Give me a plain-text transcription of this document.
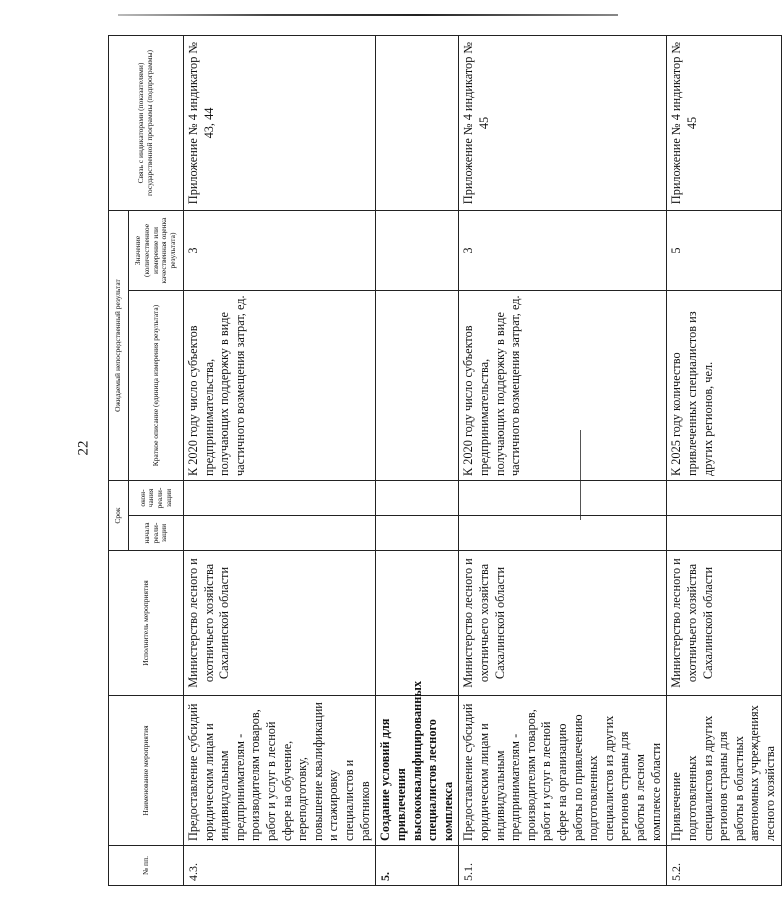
22
№ пп.	Наименование мероприятия	Исполнитель мероприятия	Срок		Ожидаемый непосредственный результат		Связь с индикаторами (показателями) государственной программы (подпрограммы)
			начала реали-зации	окон-чания реали-зации	Краткое описание (единица измерения результата)	Значение (количественное измерение или качественная оценка результата)	
4.3.	Предоставление субсидий юридическим лицам и индивидуальным предпринимателям - производителям товаров, работ и услуг в лесной сфере на обучение, переподготовку, повышение квалификации и стажировку специалистов и работников	Министерство лесного и охотничьего хозяйства Сахалинской области			К 2020 году число субъектов предпринимательства, получающих поддержку в виде частичного возмещения затрат, ед.	3	Приложение № 4 индикатор № 43, 44
5.	Создание условий для привлечения высококвалифицированных специалистов лесного комплекса						
5.1.	Предоставление субсидий юридическим лицам и индивидуальным предпринимателям - производителям товаров, работ и услуг в лесной сфере на организацию работы по привлечению подготовленных специалистов из других регионов страны для работы в лесном комплексе области	Министерство лесного и охотничьего хозяйства Сахалинской области			К 2020 году число субъектов предпринимательства, получающих поддержку в виде частичного возмещения затрат, ед.	3	Приложение № 4 индикатор № 45
5.2.	Привлечение подготовленных специалистов из других регионов страны для работы в областных автономных учреждениях лесного хозяйства	Министерство лесного и охотничьего хозяйства Сахалинской области			К 2025 году количество привлеченных специалистов из других регионов, чел.	5	Приложение № 4 индикатор № 45
